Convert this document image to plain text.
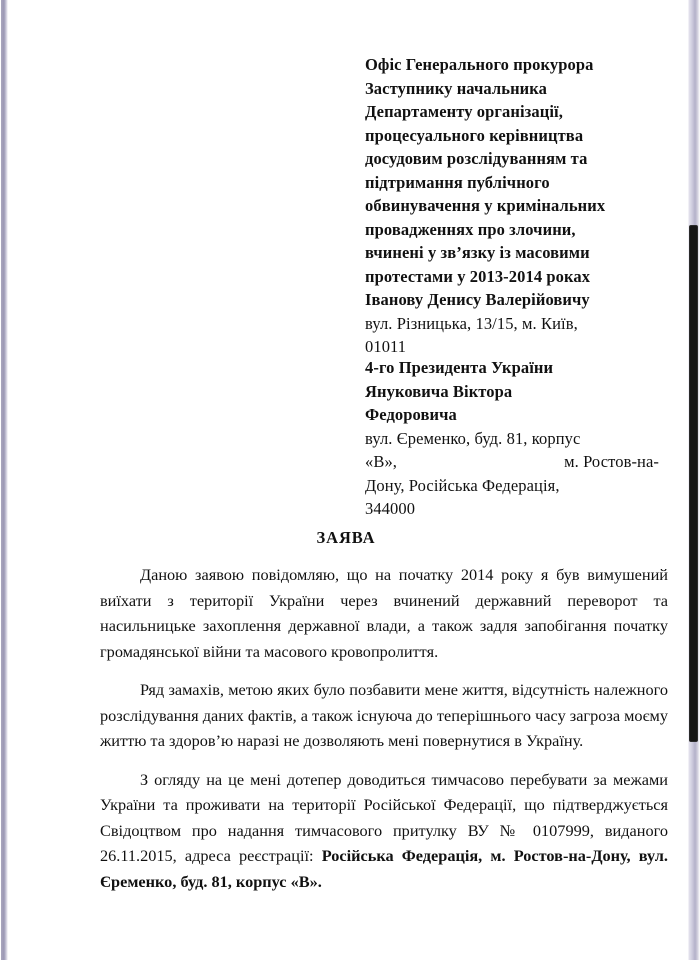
Офіс Генерального прокурора
Заступнику начальника
Департаменту організації,
процесуального керівництва
досудовим розслідуванням та
підтримання публічного
обвинувачення у кримінальних
провадженнях про злочини,
вчинені у зв’язку із масовими
протестами у 2013-2014 роках
Іванову Денису Валерійовичу
вул. Різницька, 13/15, м. Київ,
01011
4-го Президента України
Януковича Віктора
Федоровича
вул. Єременко, буд. 81, корпус
«В»,	м. Ростов-на-
Дону, Російська Федерація,
344000
ЗАЯВА

Даною заявою повідомляю, що на початку 2014 року я був вимушений виїхати з території України через вчинений державний переворот та насильницьке захоплення державної влади, а також задля запобігання початку громадянської війни та масового кровопролиття.

Ряд замахів, метою яких було позбавити мене життя, відсутність належного розслідування даних фактів, а також існуюча до теперішнього часу загроза моєму життю та здоров’ю наразі не дозволяють мені повернутися в Україну.

З огляду на це мені дотепер доводиться тимчасово перебувати за межами України та проживати на території Російської Федерації, що підтверджується Свідоцтвом про надання тимчасового притулку ВУ № 0107999, виданого 26.11.2015, адреса реєстрації: Російська Федерація, м. Ростов-на-Дону, вул. Єременко, буд. 81, корпус «В».
